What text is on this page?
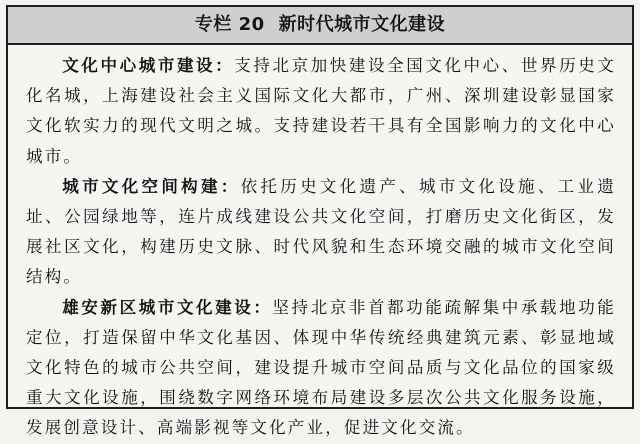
专栏 20 新时代城市文化建设

文化中心城市建设：支持北京加快建设全国文化中心、世界历史文化名城，上海建设社会主义国际文化大都市，广州、深圳建设彰显国家文化软实力的现代文明之城。支持建设若干具有全国影响力的文化中心城市。

城市文化空间构建：依托历史文化遗产、城市文化设施、工业遗址、公园绿地等，连片成线建设公共文化空间，打磨历史文化街区，发展社区文化，构建历史文脉、时代风貌和生态环境交融的城市文化空间结构。

雄安新区城市文化建设：坚持北京非首都功能疏解集中承载地功能定位，打造保留中华文化基因、体现中华传统经典建筑元素、彰显地域文化特色的城市公共空间，建设提升城市空间品质与文化品位的国家级重大文化设施，围绕数字网络环境布局建设多层次公共文化服务设施，发展创意设计、高端影视等文化产业，促进文化交流。
